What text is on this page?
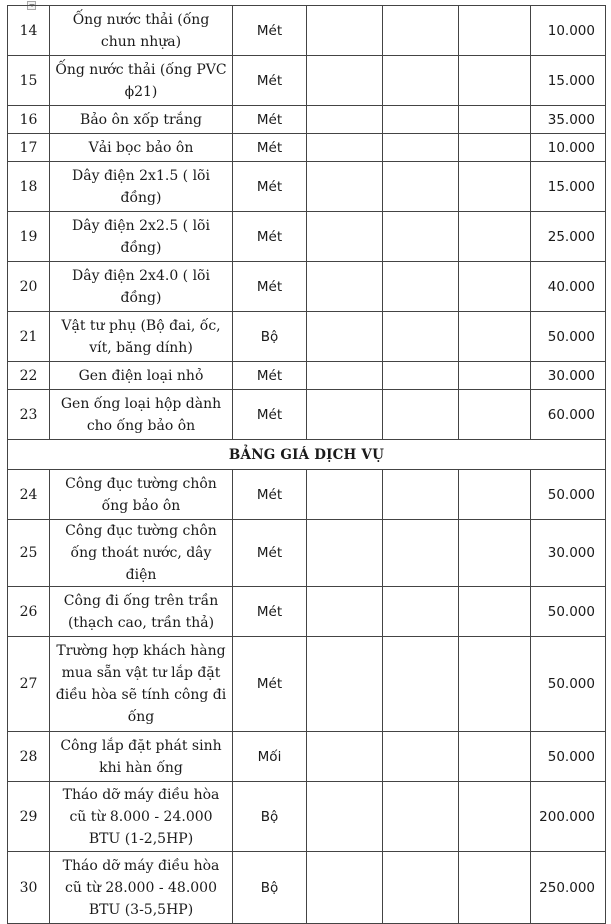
14	Ống nước thải (ống chun nhựa)	Mét				10.000
15	Ống nước thải (ống PVC ϕ21)	Mét				15.000
16	Bảo ôn xốp trắng	Mét				35.000
17	Vải bọc bảo ôn	Mét				10.000
18	Dây điện 2x1.5 ( lõi đồng)	Mét				15.000
19	Dây điện 2x2.5 ( lõi đồng)	Mét				25.000
20	Dây điện 2x4.0 ( lõi đồng)	Mét				40.000
21	Vật tư phụ (Bộ đai, ốc, vít, băng dính)	Bộ				50.000
22	Gen điện loại nhỏ	Mét				30.000
23	Gen ống loại hộp dành cho ống bảo ôn	Mét				60.000
BẢNG GIÁ DỊCH VỤ						
24	Công đục tường chôn ống bảo ôn	Mét				50.000
25	Công đục tường chôn ống thoát nước, dây điện	Mét				30.000
26	Công đi ống trên trần (thạch cao, trần thả)	Mét				50.000
27	Trường hợp khách hàng mua sẵn vật tư lắp đặt điều hòa sẽ tính công đi ống	Mét				50.000
28	Công lắp đặt phát sinh khi hàn ống	Mối				50.000
29	Tháo dỡ máy điều hòa cũ từ 8.000 - 24.000 BTU (1-2,5HP)	Bộ				200.000
30	Tháo dỡ máy điều hòa cũ từ 28.000 - 48.000 BTU (3-5,5HP)	Bộ				250.000
